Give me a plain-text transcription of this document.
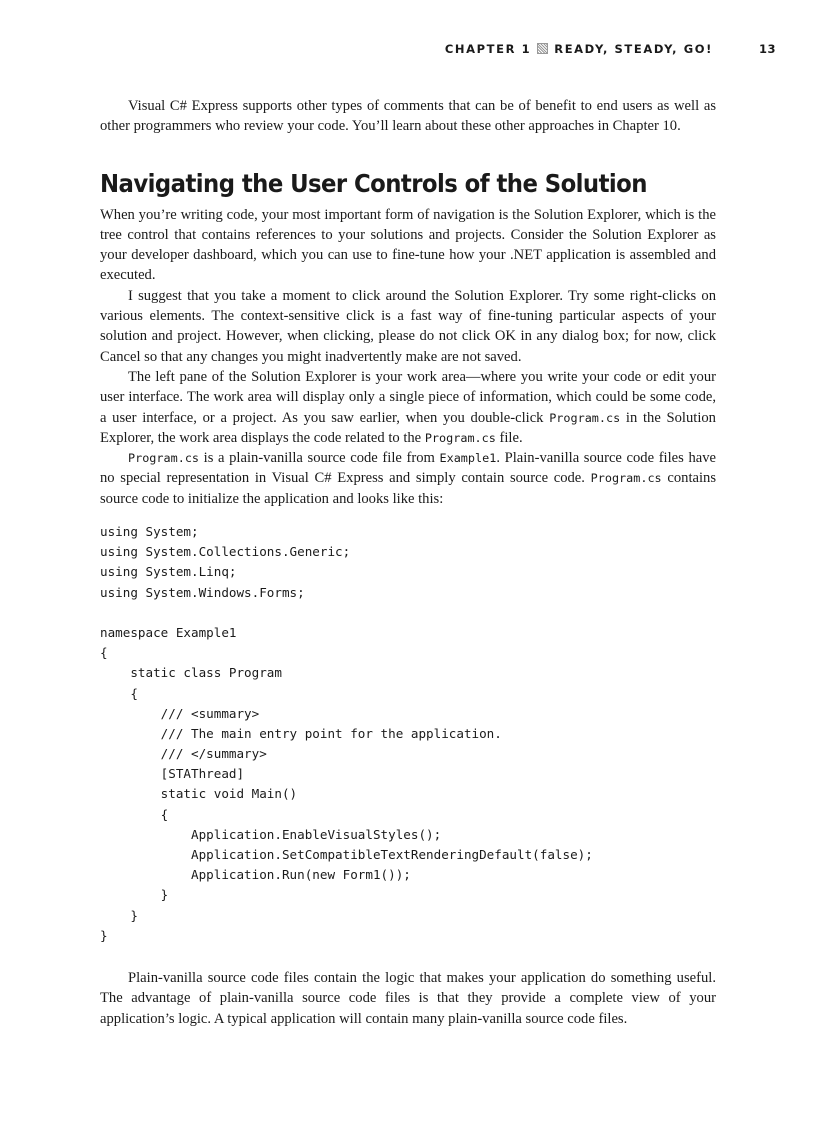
CHAPTER 1 READY, STEADY, GO!	13

Visual C# Express supports other types of comments that can be of benefit to end users as well as other programmers who review your code. You’ll learn about these other approaches in Chapter 10.

Navigating the User Controls of the Solution

When you’re writing code, your most important form of navigation is the Solution Explorer, which is the tree control that contains references to your solutions and projects. Consider the Solution Explorer as your developer dashboard, which you can use to fine-tune how your .NET application is assembled and executed.

I suggest that you take a moment to click around the Solution Explorer. Try some right-clicks on various elements. The context-sensitive click is a fast way of fine-tuning particular aspects of your solution and project. However, when clicking, please do not click OK in any dialog box; for now, click Cancel so that any changes you might inadvertently make are not saved.

The left pane of the Solution Explorer is your work area—where you write your code or edit your user interface. The work area will display only a single piece of information, which could be some code, a user interface, or a project. As you saw earlier, when you double-click Program.cs in the Solution Explorer, the work area displays the code related to the Program.cs file.

Program.cs is a plain-vanilla source code file from Example1. Plain-vanilla source code files have no special representation in Visual C# Express and simply contain source code. Program.cs contains source code to initialize the application and looks like this:

using System;
using System.Collections.Generic;
using System.Linq;
using System.Windows.Forms;
namespace Example1
{
static class Program
{
/// <summary>
/// The main entry point for the application.
/// </summary>
[STAThread]
static void Main()
{
Application.EnableVisualStyles();
Application.SetCompatibleTextRenderingDefault(false);
Application.Run(new Form1());
}
}
}

Plain-vanilla source code files contain the logic that makes your application do something useful. The advantage of plain-vanilla source code files is that they provide a complete view of your application’s logic. A typical application will contain many plain-vanilla source code files.
